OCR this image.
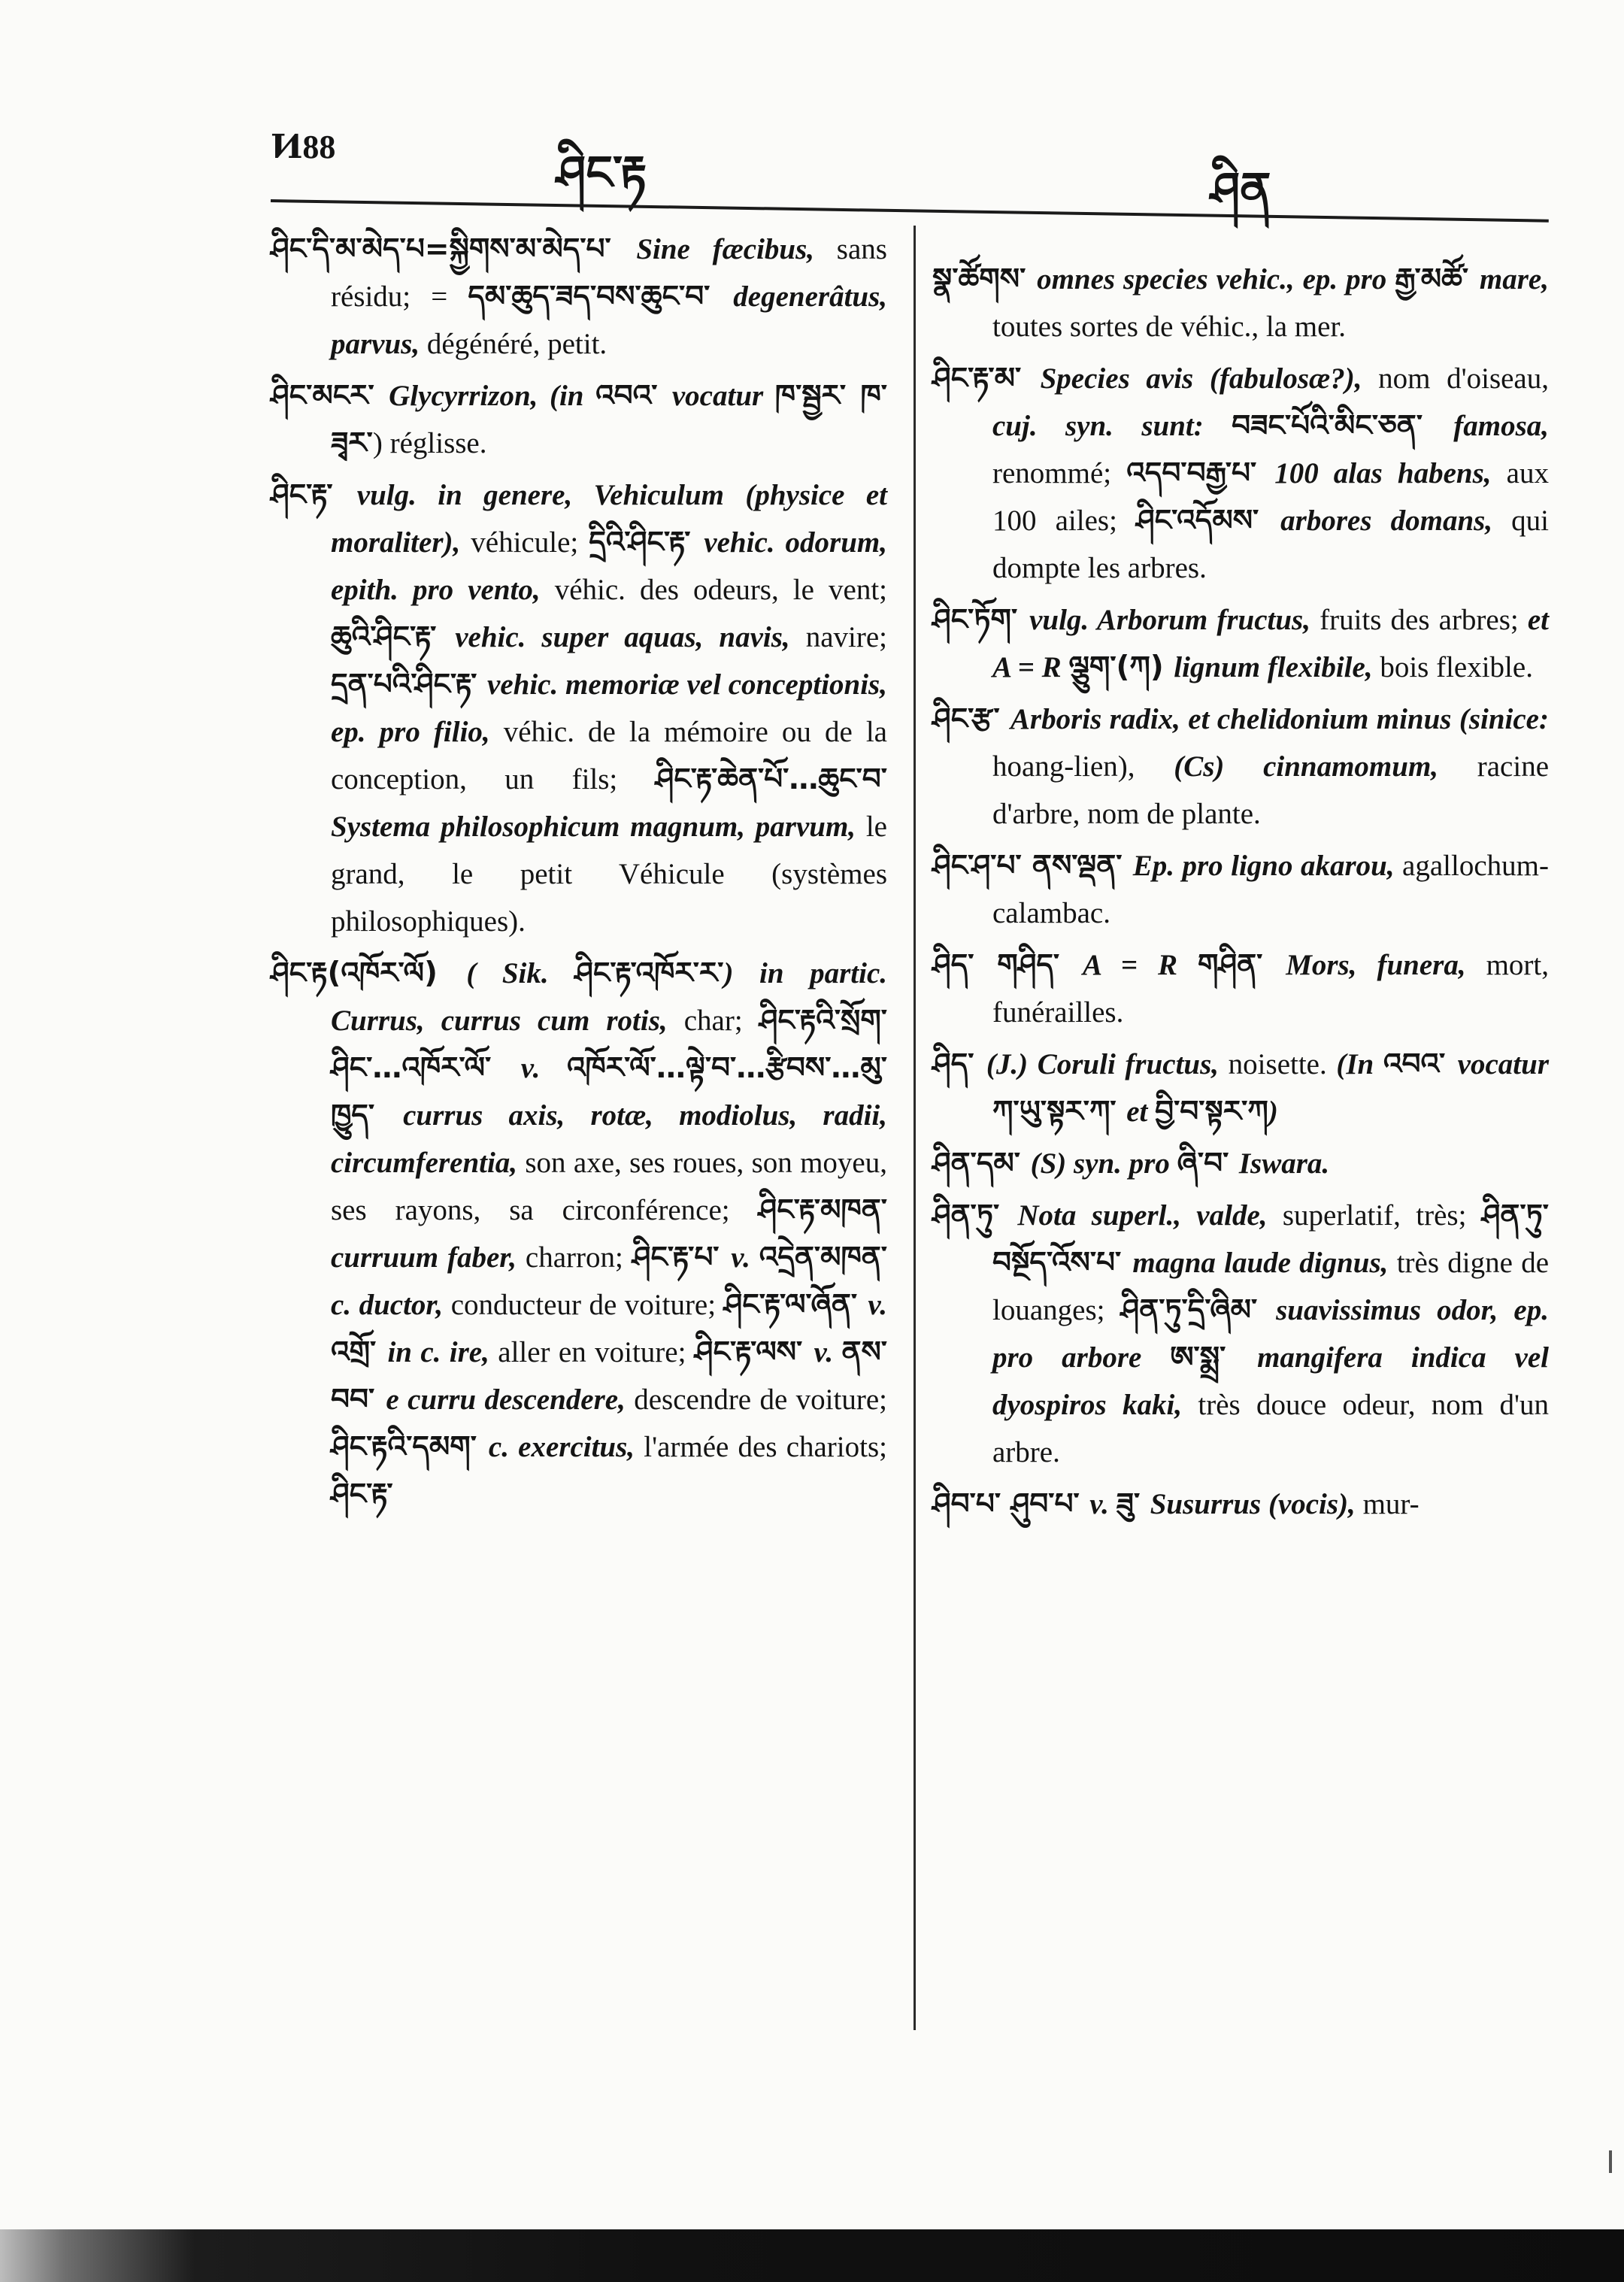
Ͷ88	ཤིང་རྟ	ཤིན

ཤིང་དི་མ་མེད་པ=སྐྱིགས་མ་མེད་པ་ Sine fæcibus, sans résidu; = དམ་ཆུད་ཟད་བས་ཆུང་བ་ degenerâtus, parvus, dégénéré, petit.

ཤིང་མངར་ Glycyrrizon, (in འབའ་ vocatur ཁ་སྦྱར་ ཁ་ཟྭར་) réglisse.

ཤིང་རྟ་ vulg. in genere, Vehiculum (physice et moraliter), véhicule; དྲིའི་ཤིང་རྟ་ vehic. odorum, epith. pro vento, véhic. des odeurs, le vent; ཆུའི་ཤིང་རྟ་ vehic. super aquas, navis, navire; དྲན་པའི་ཤིང་རྟ་ vehic. memoriæ vel conceptionis, ep. pro filio, véhic. de la mémoire ou de la conception, un fils; ཤིང་རྟ་ཆེན་པོ་…ཆུང་བ་ Systema philosophicum magnum, parvum, le grand, le petit Véhicule (systèmes philosophiques).

ཤིང་རྟ(འཁོར་ལོ) ( Sik. ཤིང་རྟ་འཁོར་ར་) in partic. Currus, currus cum rotis, char; ཤིང་རྟའི་སྲོག་ཤིང་…འཁོར་ལོ་ v. འཁོར་ལོ་…ལྟེ་བ་…རྩིབས་…མུ་ཁྱུད་ currus axis, rotæ, modiolus, radii, circumferentia, son axe, ses roues, son moyeu, ses rayons, sa circonférence; ཤིང་རྟ་མཁན་ curruum faber, charron; ཤིང་རྟ་པ་ v. འདྲེན་མཁན་ c. ductor, conducteur de voiture; ཤིང་རྟ་ལ་ཞོན་ v. འགྲོ་ in c. ire, aller en voiture; ཤིང་རྟ་ལས་ v. ནས་བབ་ e curru descendere, descendre de voiture; ཤིང་རྟའི་དམག་ c. exercitus, l'armée des chariots; ཤིང་རྟ་

སྣ་ཚོགས་ omnes species vehic., ep. pro རྒྱ་མཚོ་ mare, toutes sortes de véhic., la mer.

ཤིང་རྟ་མ་ Species avis (fabulosæ?), nom d'oiseau, cuj. syn. sunt: བཟང་པོའི་མིང་ཅན་ famosa, renommé; འདབ་བརྒྱ་པ་ 100 alas habens, aux 100 ailes; ཤིང་འདོམས་ arbores domans, qui dompte les arbres.

ཤིང་ཏོག་ vulg. Arborum fructus, fruits des arbres; et A = R ལྕུག་(ཀ) lignum flexibile, bois flexible.

ཤིང་རྩ་ Arboris radix, et chelidonium minus (sinice: hoang-lien), (Cs) cinnamomum, racine d'arbre, nom de plante.

ཤིང་ཤ་པ་ ནས་ལྡན་ Ep. pro ligno akarou, agallochum-calambac.

ཤིད་ གཤིད་ A = R གཤིན་ Mors, funera, mort, funérailles.

ཤིད་ (J.) Coruli fructus, noisette. (In འབའ་ vocatur ཀ་ཡུ་སྟར་ཀ་ et བྱི་བ་སྟར་ཀ)

ཤིན་དམ་ (S) syn. pro ཞི་བ་ Iswara.

ཤིན་ཏུ་ Nota superl., valde, superlatif, très; ཤིན་ཏུ་བསྔོད་འོས་པ་ magna laude dignus, très digne de louanges; ཤིན་ཏུ་དྲི་ཞིམ་ suavissimus odor, ep. pro arbore ཨ་སྨྲ་ mangifera indica vel dyospiros kaki, très douce odeur, nom d'un arbre.

ཤིབ་པ་ ཤུབ་པ་ v. ཟུ་ Susurrus (vocis), mur-
